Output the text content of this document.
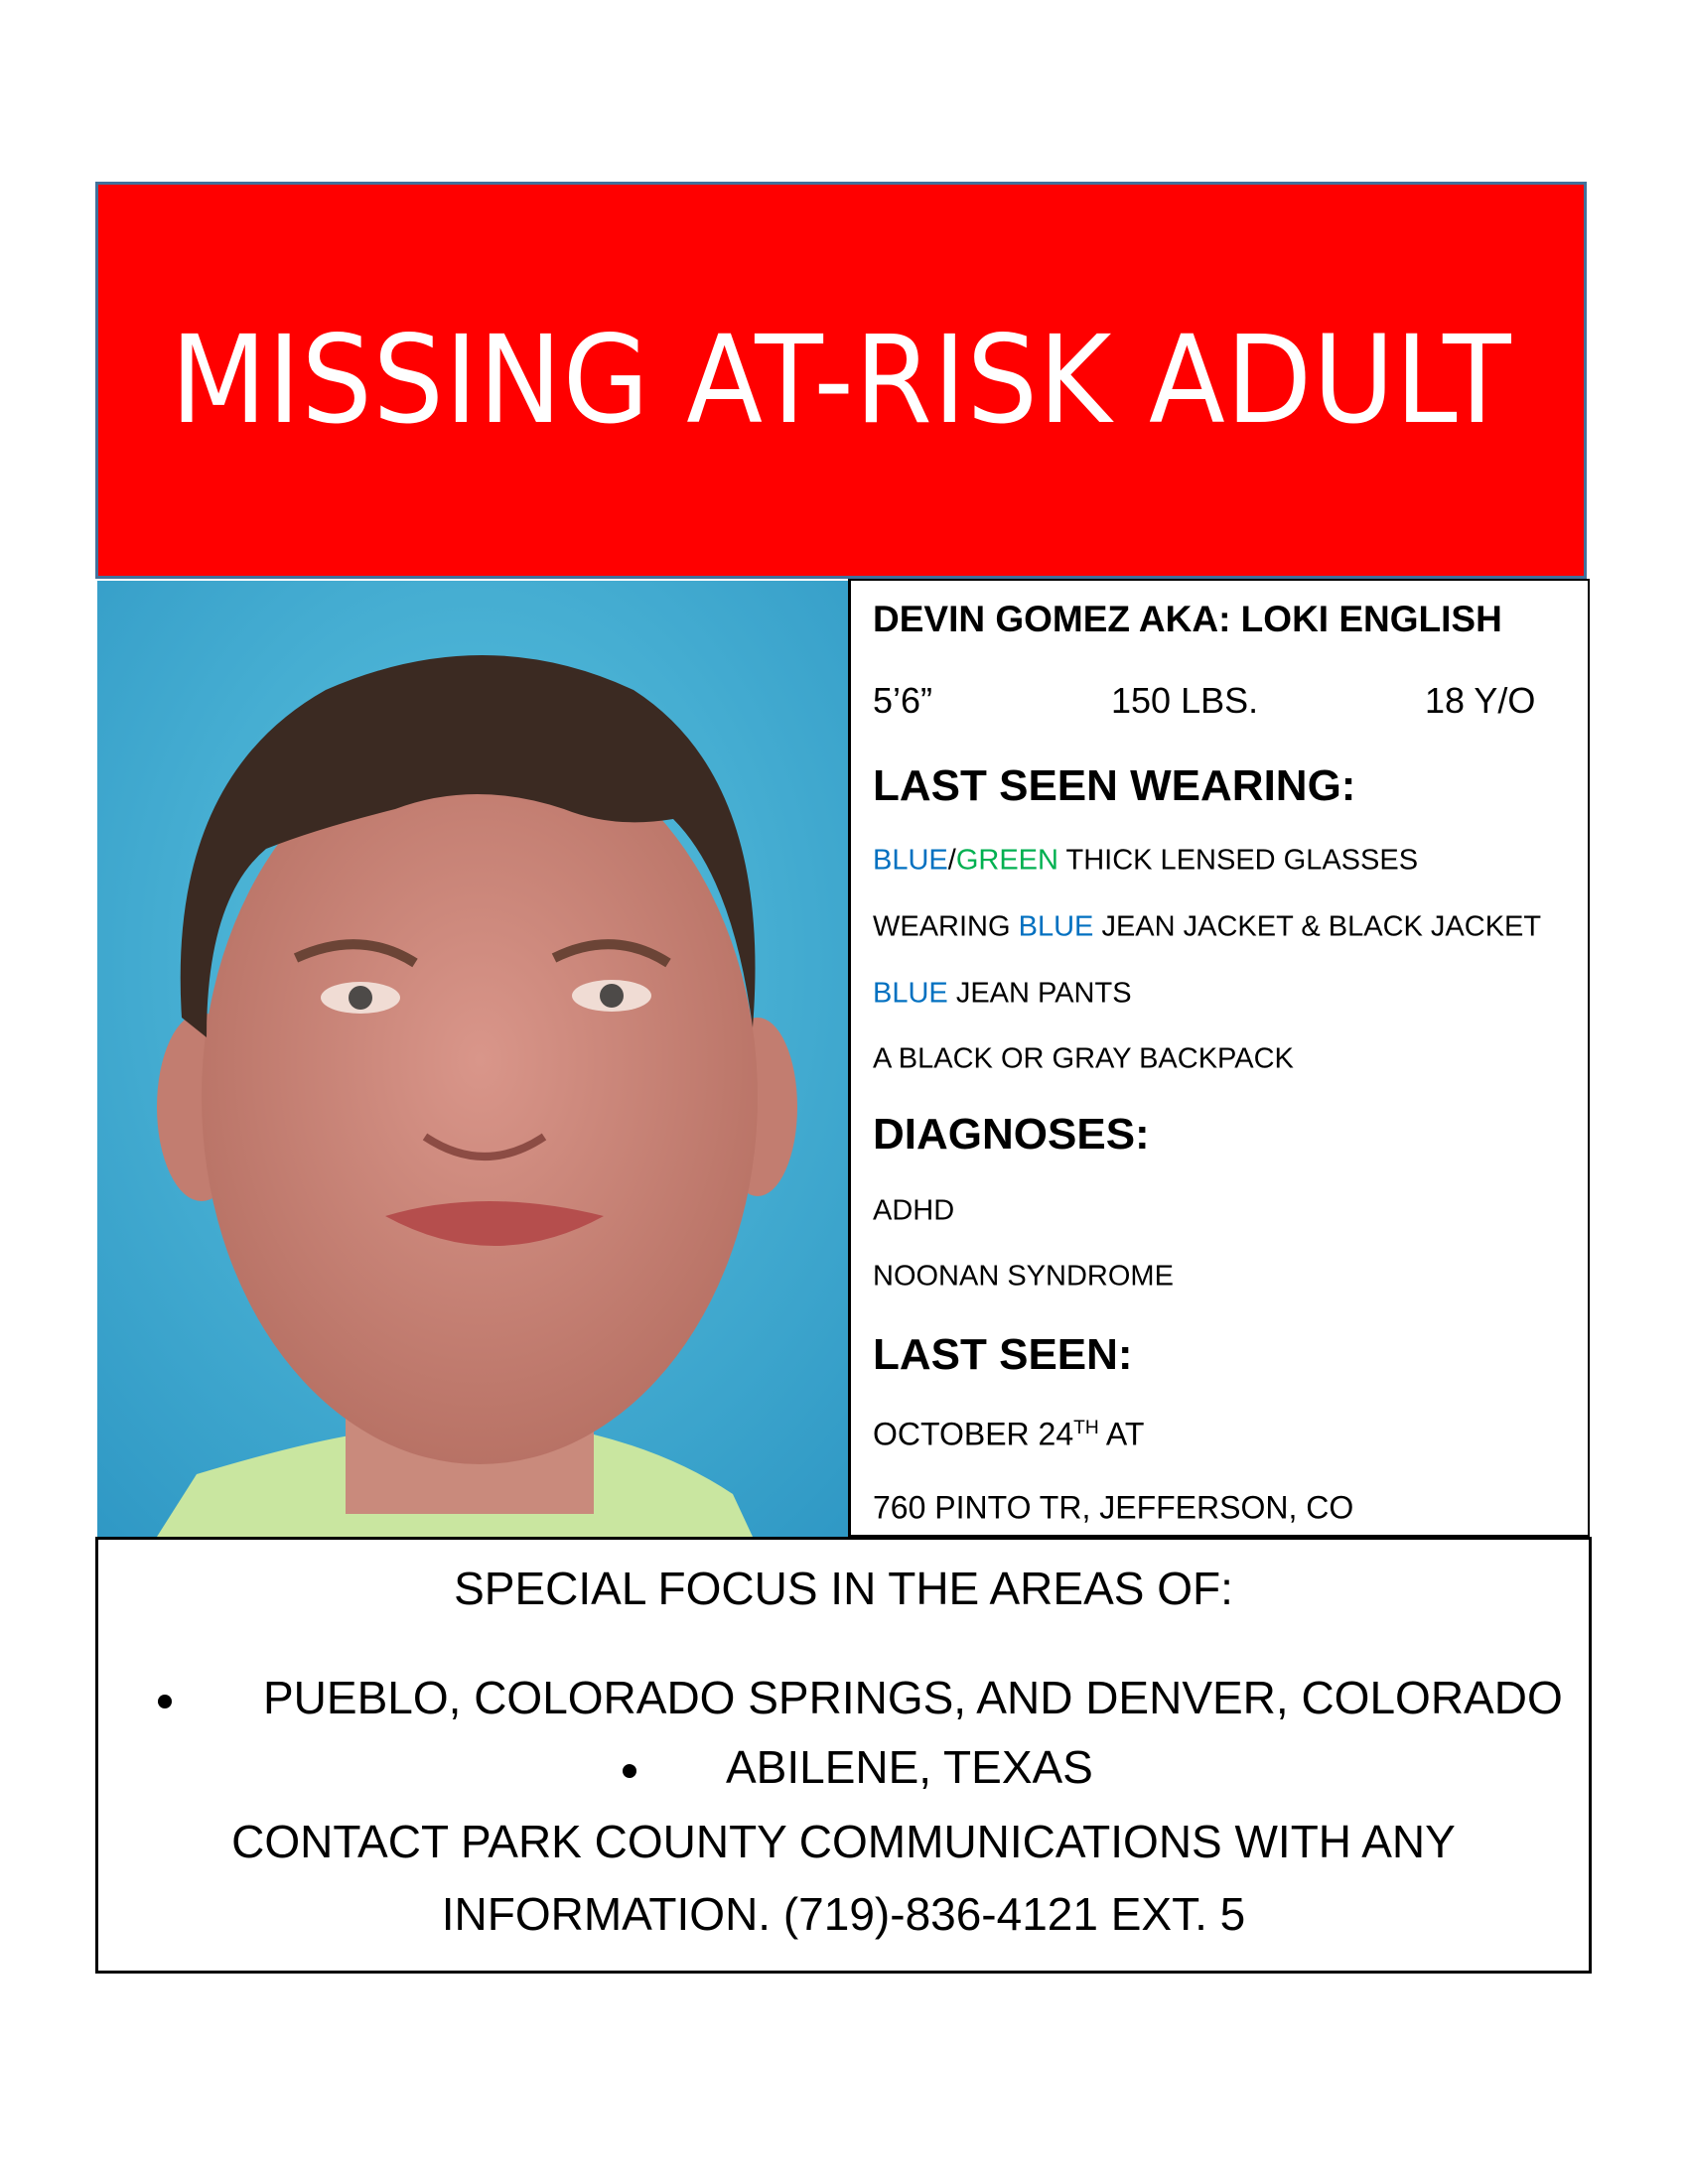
MISSING AT-RISK ADULT
DEVIN GOMEZ AKA: LOKI ENGLISH
5’6”	150 LBS.	18 Y/O
LAST SEEN WEARING:
BLUE/GREEN THICK LENSED GLASSES
WEARING BLUE JEAN JACKET & BLACK JACKET
BLUE JEAN PANTS
A BLACK OR GRAY BACKPACK
DIAGNOSES:
ADHD
NOONAN SYNDROME
LAST SEEN:
OCTOBER 24TH AT
760 PINTO TR, JEFFERSON, CO
SPECIAL FOCUS IN THE AREAS OF:
PUEBLO, COLORADO SPRINGS, AND DENVER, COLORADO
ABILENE, TEXAS
CONTACT PARK COUNTY COMMUNICATIONS WITH ANY
INFORMATION. (719)-836-4121 EXT. 5
